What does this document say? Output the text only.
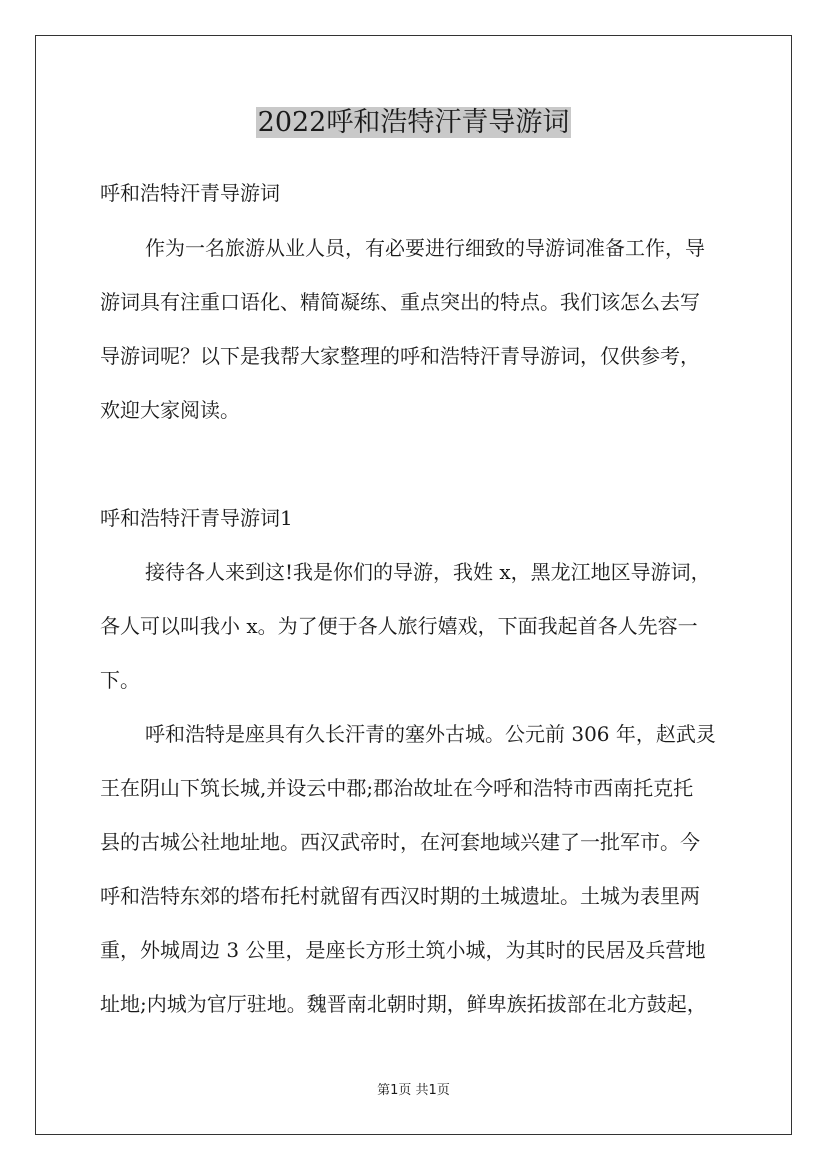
2022呼和浩特汗青导游词
呼和浩特汗青导游词
作为一名旅游从业人员，有必要进行细致的导游词准备工作，导
游词具有注重口语化、精简凝练、重点突出的特点。我们该怎么去写
导游词呢？以下是我帮大家整理的呼和浩特汗青导游词，仅供参考，
欢迎大家阅读。
呼和浩特汗青导游词1
接待各人来到这!我是你们的导游，我姓 x，黑龙江地区导游词，
各人可以叫我小 x。为了便于各人旅行嬉戏，下面我起首各人先容一
下。
呼和浩特是座具有久长汗青的塞外古城。公元前 306 年，赵武灵
王在阴山下筑长城,并设云中郡;郡治故址在今呼和浩特市西南托克托
县的古城公社地址地。西汉武帝时，在河套地域兴建了一批军市。今
呼和浩特东郊的塔布托村就留有西汉时期的土城遗址。土城为表里两
重，外城周边 3 公里，是座长方形土筑小城，为其时的民居及兵营地
址地;内城为官厅驻地。魏晋南北朝时期，鲜卑族拓拔部在北方鼓起，
第1页 共1页
